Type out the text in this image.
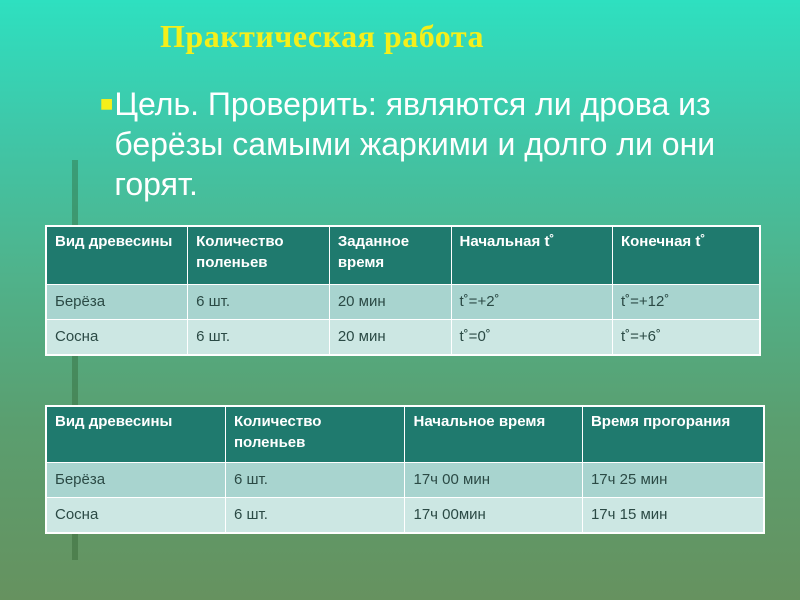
Практическая работа
■ Цель. Проверить: являются ли дрова из берёзы самыми жаркими и долго ли они горят.
Вид древесины	Количество поленьев	Заданное время	Начальная t˚	Конечная t˚
Берёза	6 шт.	20 мин	t˚=+2˚	t˚=+12˚
Сосна	6 шт.	20 мин	t˚=0˚	t˚=+6˚
Вид древесины	Количество поленьев	Начальное время	Время прогорания
Берёза	6 шт.	17ч 00 мин	17ч 25 мин
Сосна	6 шт.	17ч 00мин	17ч 15 мин
